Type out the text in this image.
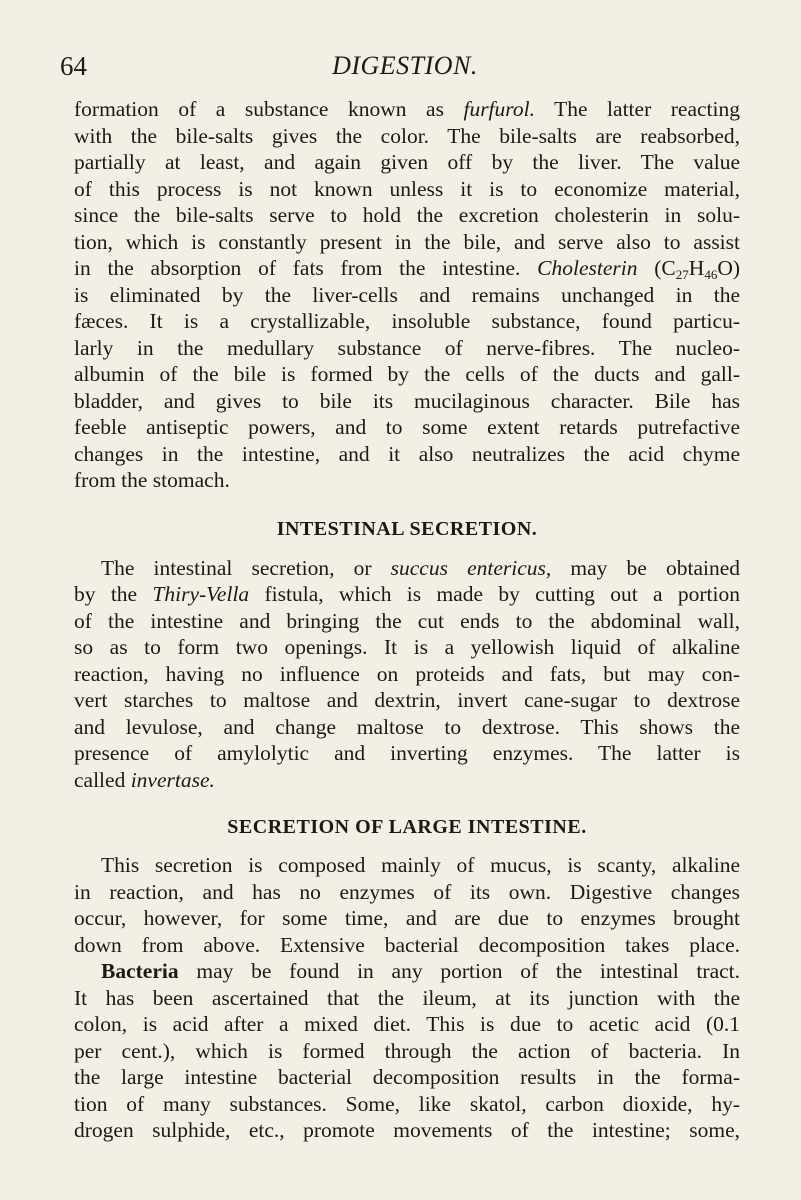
64	DIGESTION.

formation of a substance known as furfurol. The latter reacting
with the bile-salts gives the color. The bile-salts are reabsorbed,
partially at least, and again given off by the liver. The value
of this process is not known unless it is to economize material,
since the bile-salts serve to hold the excretion cholesterin in solu-
tion, which is constantly present in the bile, and serve also to assist
in the absorption of fats from the intestine. Cholesterin $(C_{27}H_{46}O)$
is eliminated by the liver-cells and remains unchanged in the
fæces. It is a crystallizable, insoluble substance, found particu-
larly in the medullary substance of nerve-fibres. The nucleo-
albumin of the bile is formed by the cells of the ducts and gall-
bladder, and gives to bile its mucilaginous character. Bile has
feeble antiseptic powers, and to some extent retards putrefactive
changes in the intestine, and it also neutralizes the acid chyme
from the stomach.

INTESTINAL SECRETION.

The intestinal secretion, or succus entericus, may be obtained
by the Thiry-Vella fistula, which is made by cutting out a portion
of the intestine and bringing the cut ends to the abdominal wall,
so as to form two openings. It is a yellowish liquid of alkaline
reaction, having no influence on proteids and fats, but may con-
vert starches to maltose and dextrin, invert cane-sugar to dextrose
and levulose, and change maltose to dextrose. This shows the
presence of amylolytic and inverting enzymes. The latter is
called invertase.

SECRETION OF LARGE INTESTINE.

This secretion is composed mainly of mucus, is scanty, alkaline
in reaction, and has no enzymes of its own. Digestive changes
occur, however, for some time, and are due to enzymes brought
down from above. Extensive bacterial decomposition takes place.
Bacteria may be found in any portion of the intestinal tract.
It has been ascertained that the ileum, at its junction with the
colon, is acid after a mixed diet. This is due to acetic acid (0.1
per cent.), which is formed through the action of bacteria. In
the large intestine bacterial decomposition results in the forma-
tion of many substances. Some, like skatol, carbon dioxide, hy-
drogen sulphide, etc., promote movements of the intestine; some,
